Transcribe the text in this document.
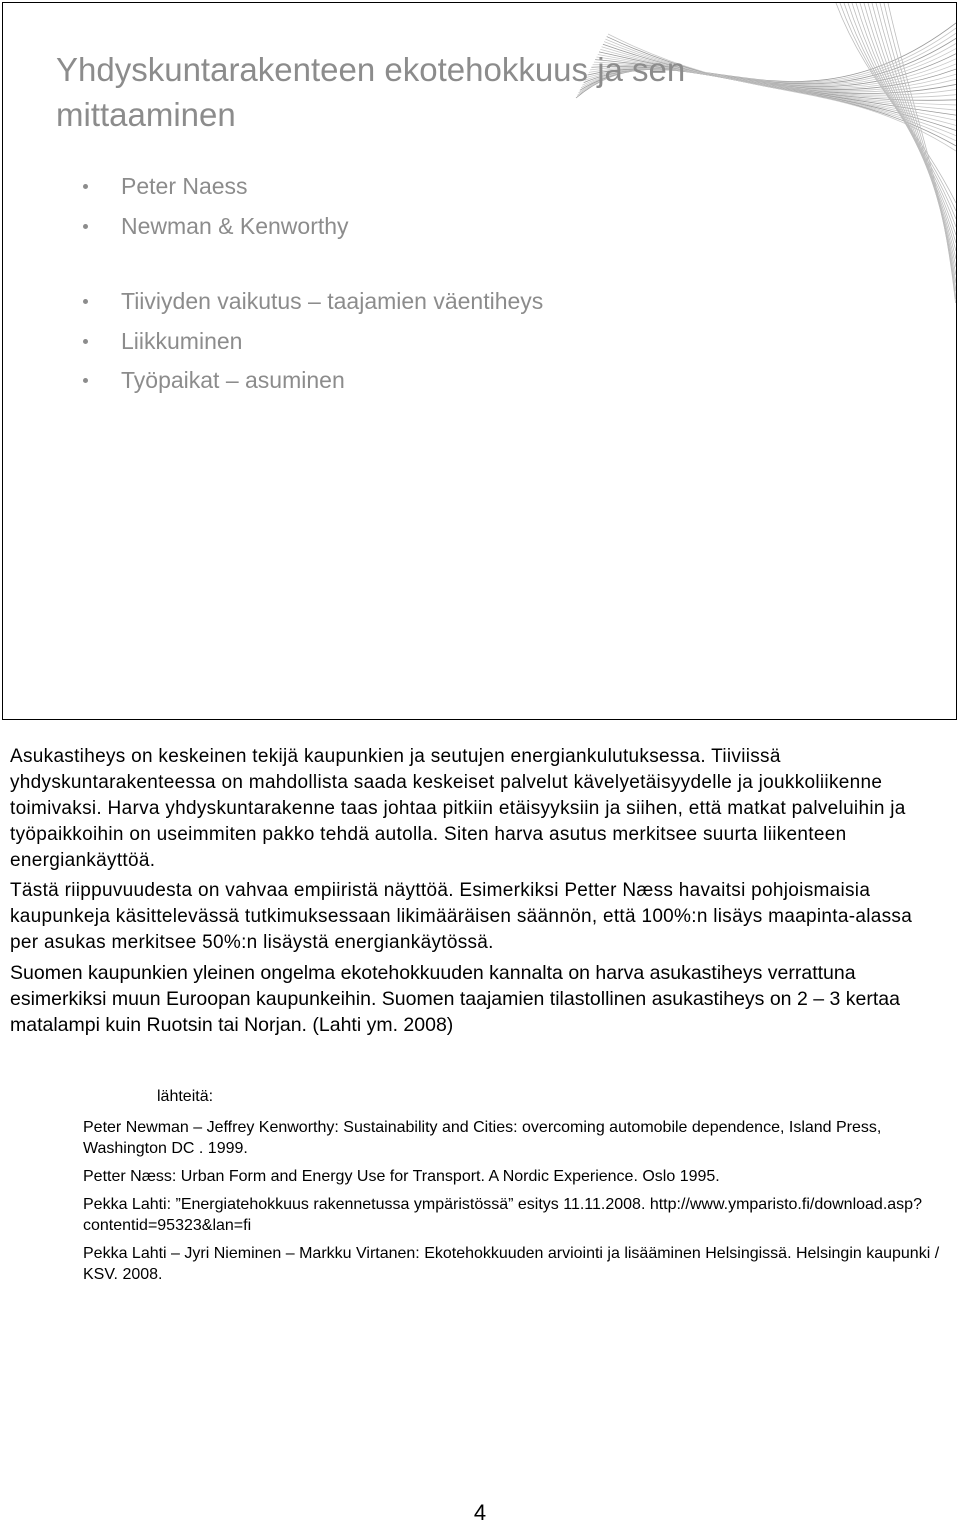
Yhdyskuntarakenteen ekotehokkuus ja sen mittaaminen
Peter Naess
Newman & Kenworthy
Tiiviyden vaikutus – taajamien väentiheys
Liikkuminen
Työpaikat – asuminen

Asukastiheys on keskeinen tekijä kaupunkien ja seutujen energiankulutuksessa. Tiiviissä yhdyskuntarakenteessa on mahdollista saada keskeiset palvelut kävelyetäisyydelle ja joukkoliikenne toimivaksi. Harva yhdyskuntarakenne taas johtaa pitkiin etäisyyksiin ja siihen, että matkat palveluihin ja työpaikkoihin on useimmiten pakko tehdä autolla. Siten harva asutus merkitsee suurta liikenteen energiankäyttöä.

Tästä riippuvuudesta on vahvaa empiiristä näyttöä. Esimerkiksi Petter Næss havaitsi pohjoismaisia kaupunkeja käsittelevässä tutkimuksessaan likimääräisen säännön, että 100%:n lisäys maapinta-alassa per asukas merkitsee 50%:n lisäystä energiankäytössä.

Suomen kaupunkien yleinen ongelma ekotehokkuuden kannalta on harva asukastiheys verrattuna esimerkiksi muun Euroopan kaupunkeihin. Suomen taajamien tilastollinen asukastiheys on 2 – 3 kertaa matalampi kuin Ruotsin tai Norjan. (Lahti ym. 2008)

lähteitä:

Peter Newman – Jeffrey Kenworthy: Sustainability and Cities: overcoming automobile dependence, Island Press, Washington DC . 1999.

Petter Næss: Urban Form and Energy Use for Transport. A Nordic Experience. Oslo 1995.

Pekka Lahti: ”Energiatehokkuus rakennetussa ympäristössä” esitys 11.11.2008. http://www.ymparisto.fi/download.asp?contentid=95323&lan=fi

Pekka Lahti – Jyri Nieminen – Markku Virtanen: Ekotehokkuuden arviointi ja lisääminen Helsingissä. Helsingin kaupunki / KSV. 2008.

4
